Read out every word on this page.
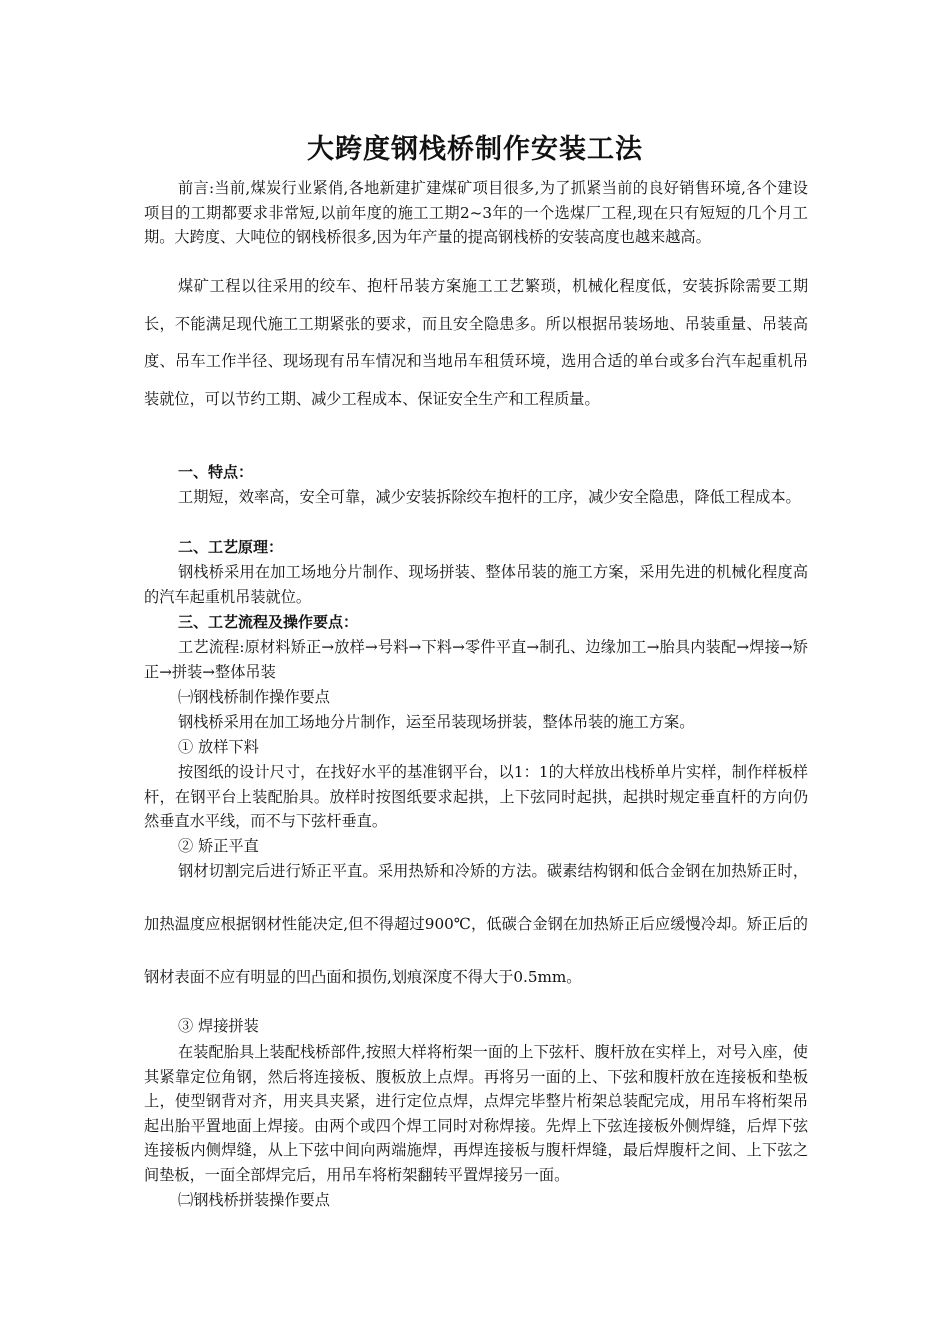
大跨度钢栈桥制作安装工法

前言:当前,煤炭行业紧俏,各地新建扩建煤矿项目很多,为了抓紧当前的良好销售环境,各个建设项目的工期都要求非常短,以前年度的施工工期2~3年的一个选煤厂工程,现在只有短短的几个月工期。大跨度、大吨位的钢栈桥很多,因为年产量的提高钢栈桥的安装高度也越来越高。

煤矿工程以往采用的绞车、抱杆吊装方案施工工艺繁琐，机械化程度低，安装拆除需要工期长，不能满足现代施工工期紧张的要求，而且安全隐患多。所以根据吊装场地、吊装重量、吊装高度、吊车工作半径、现场现有吊车情况和当地吊车租赁环境，选用合适的单台或多台汽车起重机吊装就位，可以节约工期、减少工程成本、保证安全生产和工程质量。

一、特点：

工期短，效率高，安全可靠，减少安装拆除绞车抱杆的工序，减少安全隐患，降低工程成本。

二、工艺原理：

钢栈桥采用在加工场地分片制作、现场拼装、整体吊装的施工方案，采用先进的机械化程度高的汽车起重机吊装就位。

三、工艺流程及操作要点：

工艺流程:原材料矫正→放样→号料→下料→零件平直→制孔、边缘加工→胎具内装配→焊接→矫正→拼装→整体吊装

㈠钢栈桥制作操作要点

钢栈桥采用在加工场地分片制作，运至吊装现场拼装，整体吊装的施工方案。

① 放样下料

按图纸的设计尺寸，在找好水平的基准钢平台，以1：1的大样放出栈桥单片实样，制作样板样杆，在钢平台上装配胎具。放样时按图纸要求起拱，上下弦同时起拱，起拱时规定垂直杆的方向仍然垂直水平线，而不与下弦杆垂直。

② 矫正平直

钢材切割完后进行矫正平直。采用热矫和冷矫的方法。碳素结构钢和低合金钢在加热矫正时，加热温度应根据钢材性能决定,但不得超过900℃，低碳合金钢在加热矫正后应缓慢冷却。矫正后的钢材表面不应有明显的凹凸面和损伤,划痕深度不得大于0.5mm。

③ 焊接拼装

在装配胎具上装配栈桥部件,按照大样将桁架一面的上下弦杆、腹杆放在实样上，对号入座，使其紧靠定位角钢，然后将连接板、腹板放上点焊。再将另一面的上、下弦和腹杆放在连接板和垫板上，使型钢背对齐，用夹具夹紧，进行定位点焊，点焊完毕整片桁架总装配完成，用吊车将桁架吊起出胎平置地面上焊接。由两个或四个焊工同时对称焊接。先焊上下弦连接板外侧焊缝，后焊下弦连接板内侧焊缝，从上下弦中间向两端施焊，再焊连接板与腹杆焊缝，最后焊腹杆之间、上下弦之间垫板，一面全部焊完后，用吊车将桁架翻转平置焊接另一面。

㈡钢栈桥拼装操作要点
